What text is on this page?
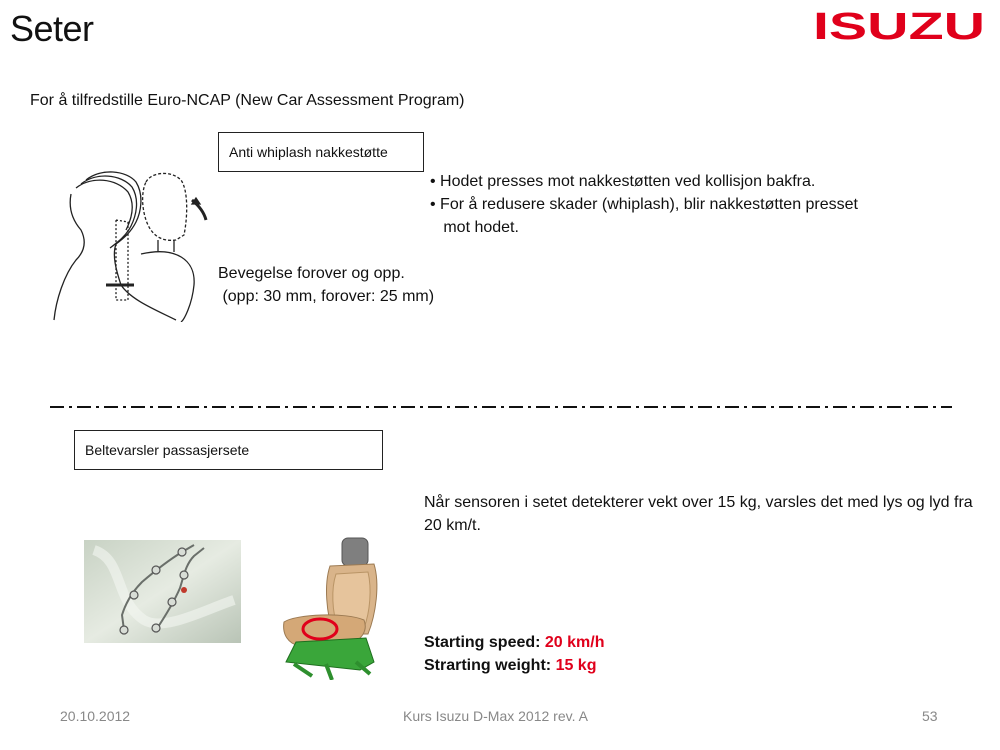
Seter	ISUZU
For å tilfredstille Euro-NCAP (New Car Assessment Program)
Anti whiplash nakkestøtte
• Hodet presses mot nakkestøtten ved kollisjon bakfra.
• For å redusere skader (whiplash), blir nakkestøtten presset
mot hodet.
Bevegelse forover og opp.
(opp: 30 mm, forover: 25 mm)
Beltevarsler passasjersete
Når sensoren i setet detekterer vekt over 15 kg, varsles det med lys og lyd fra 20 km/t.
Starting speed: 20 km/h
Strarting weight: 15 kg
20.10.2012	Kurs Isuzu D-Max 2012 rev. A	53
